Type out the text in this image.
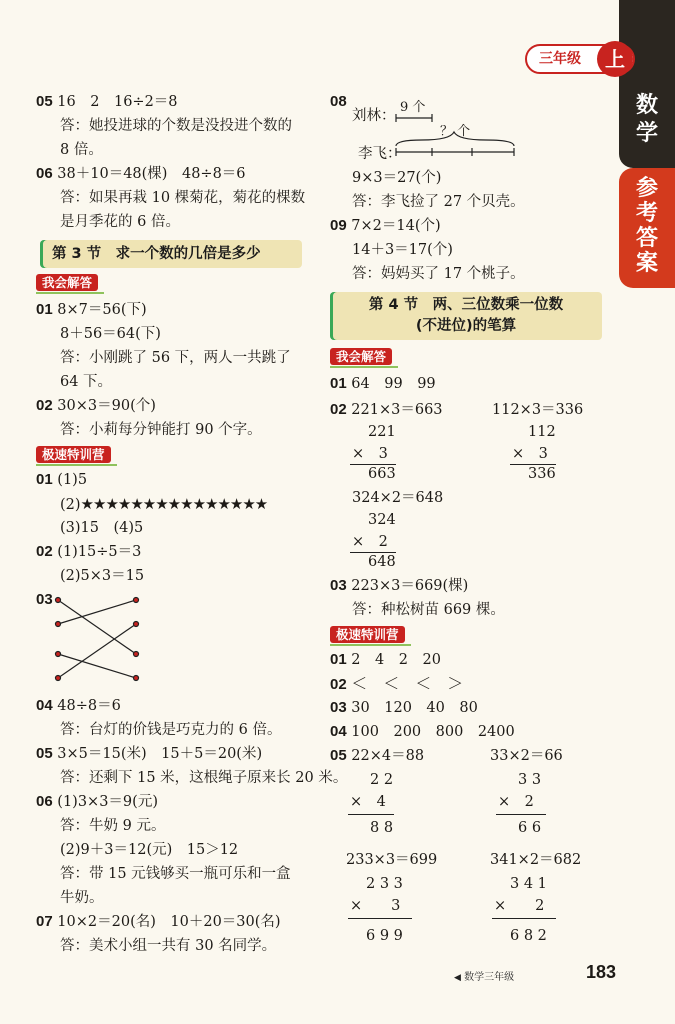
数学
参考答案
三年级	上
05 16　2　16÷2＝8
答：她投进球的个数是没投进个数的
8 倍。
06 38＋10＝48(棵)　48÷8＝6
答：如果再栽 10 棵菊花，菊花的棵数
是月季花的 6 倍。
第 3 节　求一个数的几倍是多少
我会解答
01 8×7＝56(下)
8＋56＝64(下)
答：小刚跳了 56 下，两人一共跳了
64 下。
02 30×3＝90(个)
答：小莉每分钟能打 90 个字。
极速特训营
01 (1)5
(2)★★★★★★★★★★★★★★★
(3)15　(4)5
02 (1)15÷5＝3
(2)5×3＝15
03
04 48÷8＝6
答：台灯的价钱是巧克力的 6 倍。
05 3×5＝15(米)　15＋5＝20(米)
答：还剩下 15 米，这根绳子原来长 20 米。
06 (1)3×3＝9(元)
答：牛奶 9 元。
(2)9＋3＝12(元)　15＞12
答：带 15 元钱够买一瓶可乐和一盒
牛奶。
07 10×2＝20(名)　10＋20＝30(名)
答：美术小组一共有 30 名同学。
08
刘林：
9 个
？ 个
李飞：
9×3＝27(个)
答：李飞捡了 27 个贝壳。
09 7×2＝14(个)
14＋3＝17(个)
答：妈妈买了 17 个桃子。
第 4 节　两、三位数乘一位数
(不进位)的笔算
我会解答
01 64　99　99
02 221×3＝663	112×3＝336
221
×　3
663
112
×　3
336
324×2＝648
324
×　2
648
03 223×3＝669(棵)
答：种松树苗 669 棵。
极速特训营
01 2　4　2　20
02 ＜　＜　＜　＞
03 30　120　40　80
04 100　200　800　2400
05 22×4＝88	33×2＝66
2 2
×　4
8 8
3 3
×　2
6 6
233×3＝699	341×2＝682
2 3 3
×　　3
6 9 9
3 4 1
×　　2
6 8 2
◀ 数学三年级	183
